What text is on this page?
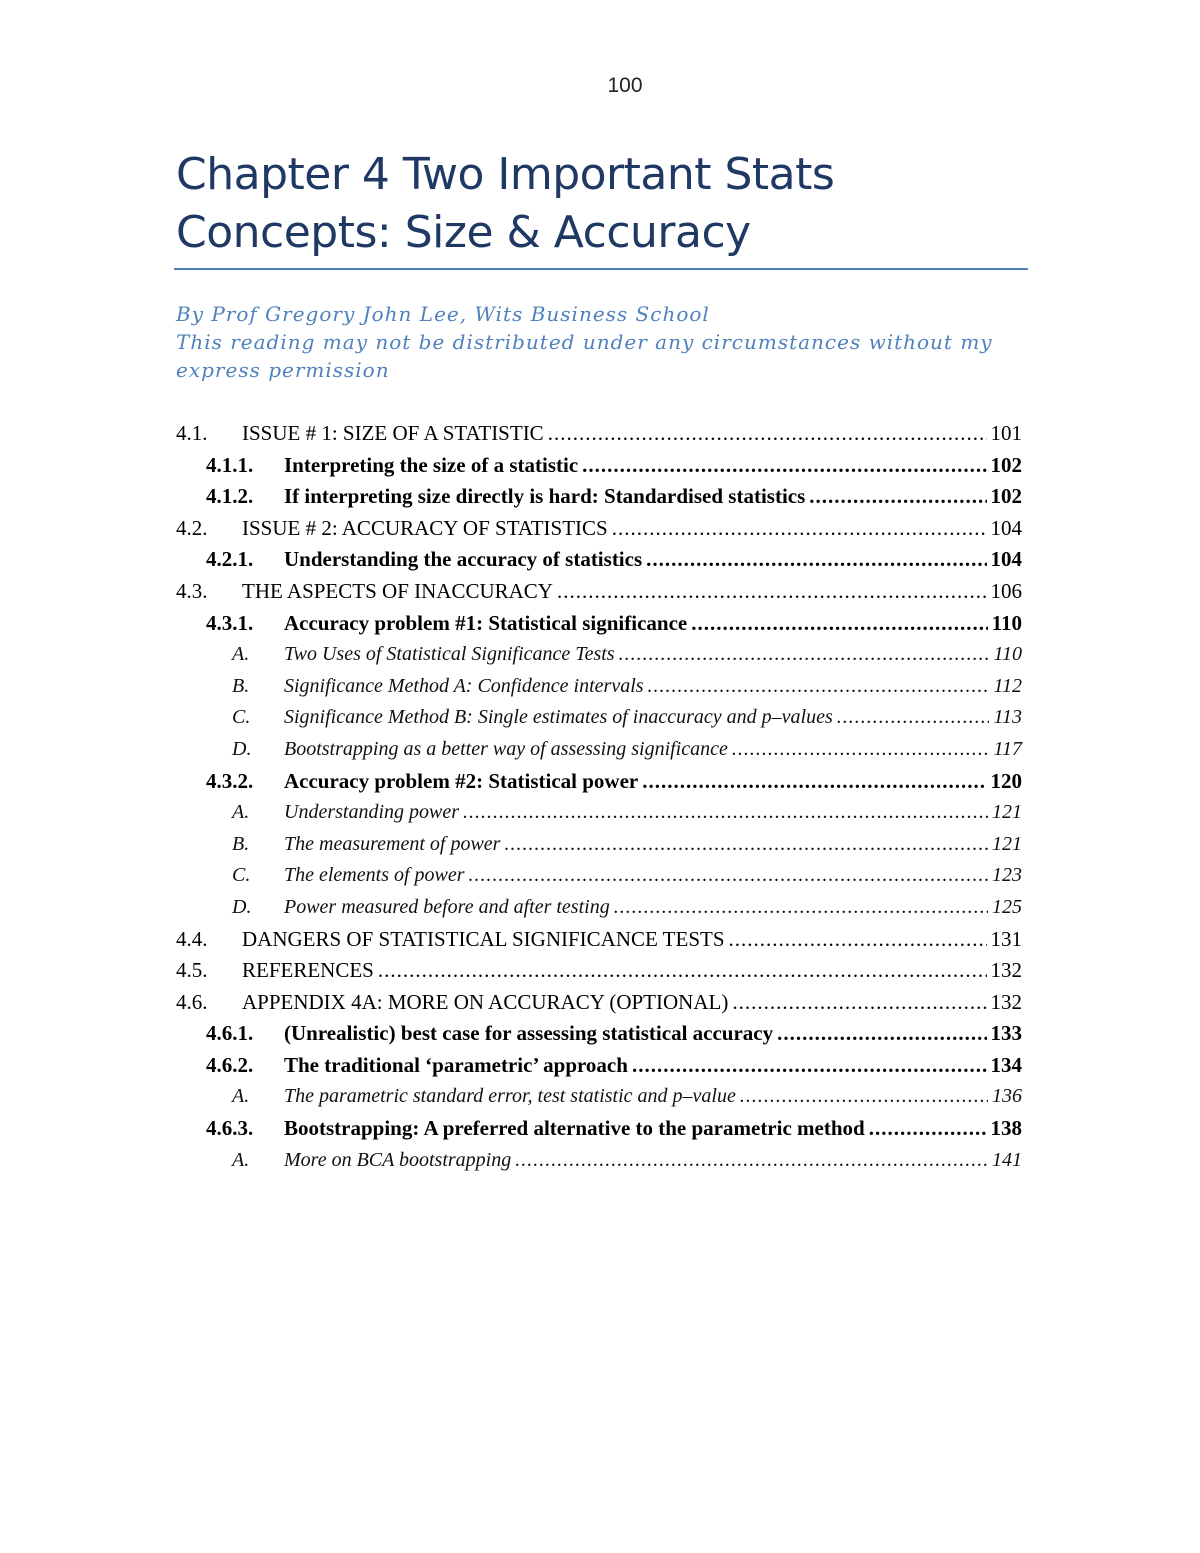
100
Chapter 4 Two Important Stats
Concepts: Size & Accuracy
By Prof Gregory John Lee, Wits Business School
This reading may not be distributed under any circumstances without my
express permission
4.1.	ISSUE # 1: SIZE OF A STATISTIC .....	101
4.1.1.	Interpreting the size of a statistic .....	102
4.1.2.	If interpreting size directly is hard: Standardised statistics .....	102
4.2.	ISSUE # 2: ACCURACY OF STATISTICS .....	104
4.2.1.	Understanding the accuracy of statistics .....	104
4.3.	THE ASPECTS OF INACCURACY .....	106
4.3.1.	Accuracy problem #1: Statistical significance .....	110
A.	Two Uses of Statistical Significance Tests .....	110
B.	Significance Method A: Confidence intervals .....	112
C.	Significance Method B: Single estimates of inaccuracy and p–values .....	113
D.	Bootstrapping as a better way of assessing significance .....	117
4.3.2.	Accuracy problem #2: Statistical power .....	120
A.	Understanding power .....	121
B.	The measurement of power .....	121
C.	The elements of power .....	123
D.	Power measured before and after testing .....	125
4.4.	DANGERS OF STATISTICAL SIGNIFICANCE TESTS .....	131
4.5.	REFERENCES .....	132
4.6.	APPENDIX 4A: MORE ON ACCURACY (OPTIONAL) .....	132
4.6.1.	(Unrealistic) best case for assessing statistical accuracy .....	133
4.6.2.	The traditional ‘parametric’ approach .....	134
A.	The parametric standard error, test statistic and p–value .....	136
4.6.3.	Bootstrapping: A preferred alternative to the parametric method .....	138
A.	More on BCA bootstrapping .....	141
